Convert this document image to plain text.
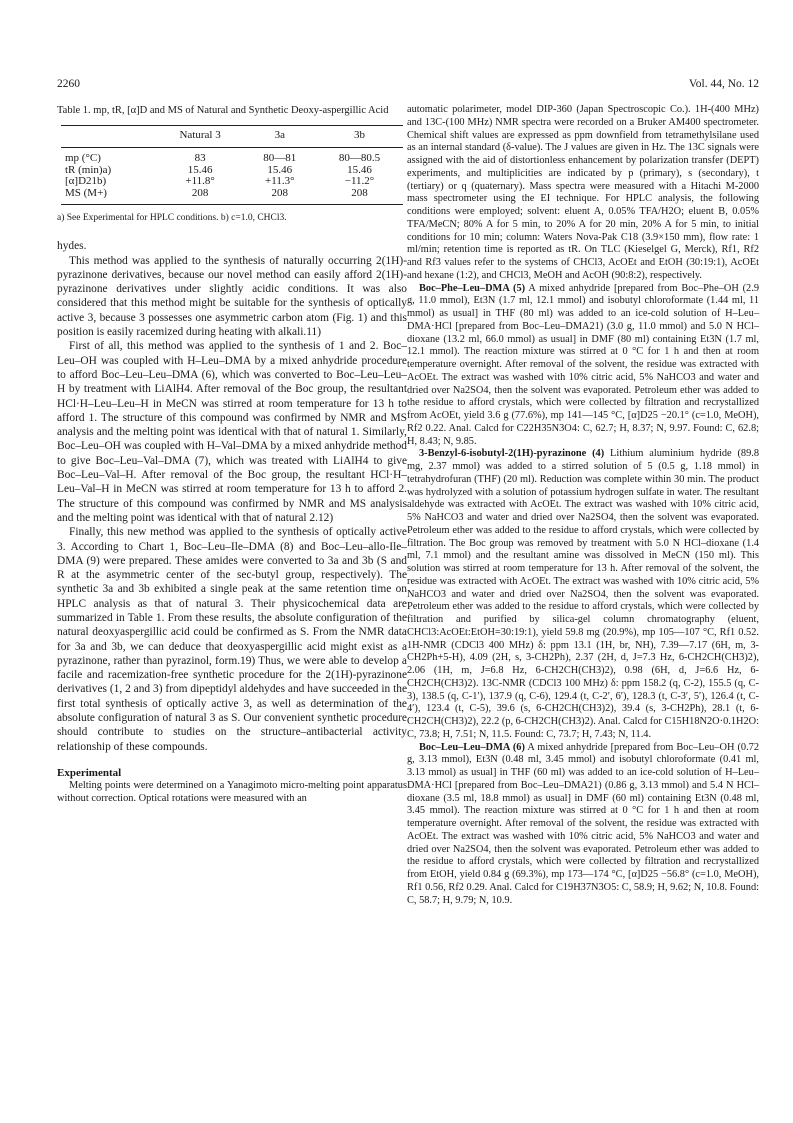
2260	Vol. 44, No. 12
Table 1. mp, tR, [α]D and MS of Natural and Synthetic Deoxy-aspergillic Acid
	Natural 3	3a	3b
mp (°C)	83	80—81	80—80.5
tR (min)a)	15.46	15.46	15.46
[α]D21b)	+11.8°	+11.3°	−11.2°
MS (M+)	208	208	208
a) See Experimental for HPLC conditions. b) c=1.0, CHCl3.

hydes.

This method was applied to the synthesis of naturally occurring 2(1H)-pyrazinone derivatives, because our novel method can easily afford 2(1H)-pyrazinone derivatives under slightly acidic conditions. It was also considered that this method might be suitable for the synthesis of optically active 3, because 3 possesses one asymmetric carbon atom (Fig. 1) and this position is easily racemized during heating with alkali.11)

First of all, this method was applied to the synthesis of 1 and 2. Boc–Leu–OH was coupled with H–Leu–DMA by a mixed anhydride procedure to afford Boc–Leu–Leu–DMA (6), which was converted to Boc–Leu–Leu–H by treatment with LiAlH4. After removal of the Boc group, the resultant HCl·H–Leu–Leu–H in MeCN was stirred at room temperature for 13 h to afford 1. The structure of this compound was confirmed by NMR and MS analysis and the melting point was identical with that of natural 1. Similarly, Boc–Leu–OH was coupled with H–Val–DMA by a mixed anhydride method to give Boc–Leu–Val–DMA (7), which was treated with LiAlH4 to give Boc–Leu–Val–H. After removal of the Boc group, the resultant HCl·H–Leu–Val–H in MeCN was stirred at room temperature for 13 h to afford 2. The structure of this compound was confirmed by NMR and MS analysis and the melting point was identical with that of natural 2.12)

Finally, this new method was applied to the synthesis of optically active 3. According to Chart 1, Boc–Leu–Ile–DMA (8) and Boc–Leu–allo-Ile–DMA (9) were prepared. These amides were converted to 3a and 3b (S and R at the asymmetric center of the sec-butyl group, respectively). The synthetic 3a and 3b exhibited a single peak at the same retention time on HPLC analysis as that of natural 3. Their physicochemical data are summarized in Table 1. From these results, the absolute configuration of the natural deoxyaspergillic acid could be confirmed as S. From the NMR data for 3a and 3b, we can deduce that deoxyaspergillic acid might exist as a pyrazinone, rather than pyrazinol, form.19) Thus, we were able to develop a facile and racemization-free synthetic procedure for the 2(1H)-pyrazinone derivatives (1, 2 and 3) from dipeptidyl aldehydes and have succeeded in the first total synthesis of optically active 3, as well as determination of the absolute configuration of natural 3 as S. Our convenient synthetic procedure should contribute to studies on the structure–antibacterial activity relationship of these compounds.

Experimental

Melting points were determined on a Yanagimoto micro-melting point apparatus without correction. Optical rotations were measured with an

automatic polarimeter, model DIP-360 (Japan Spectroscopic Co.). 1H-(400 MHz) and 13C-(100 MHz) NMR spectra were recorded on a Bruker AM400 spectrometer. Chemical shift values are expressed as ppm downfield from tetramethylsilane used as an internal standard (δ-value). The J values are given in Hz. The 13C signals were assigned with the aid of distortionless enhancement by polarization transfer (DEPT) experiments, and multiplicities are indicated by p (primary), s (secondary), t (tertiary) or q (quaternary). Mass spectra were measured with a Hitachi M-2000 mass spectrometer using the EI technique. For HPLC analysis, the following conditions were employed; solvent: eluent A, 0.05% TFA/H2O; eluent B, 0.05% TFA/MeCN; 80% A for 5 min, to 20% A for 20 min, 20% A for 5 min, to initial conditions for 10 min; column: Waters Nova-Pak C18 (3.9×150 mm), flow rate: 1 ml/min; retention time is reported as tR. On TLC (Kieselgel G, Merck), Rf1, Rf2 and Rf3 values refer to the systems of CHCl3, AcOEt and EtOH (30:19:1), AcOEt and hexane (1:2), and CHCl3, MeOH and AcOH (90:8:2), respectively.

Boc–Phe–Leu–DMA (5) A mixed anhydride [prepared from Boc–Phe–OH (2.9 g, 11.0 mmol), Et3N (1.7 ml, 12.1 mmol) and isobutyl chloroformate (1.44 ml, 11 mmol) as usual] in THF (80 ml) was added to an ice-cold solution of H–Leu–DMA·HCl [prepared from Boc–Leu–DMA21) (3.0 g, 11.0 mmol) and 5.0 N HCl–dioxane (13.2 ml, 66.0 mmol) as usual] in DMF (80 ml) containing Et3N (1.7 ml, 12.1 mmol). The reaction mixture was stirred at 0 °C for 1 h and then at room temperature overnight. After removal of the solvent, the residue was extracted with AcOEt. The extract was washed with 10% citric acid, 5% NaHCO3 and water and dried over Na2SO4, then the solvent was evaporated. Petroleum ether was added to the residue to afford crystals, which were collected by filtration and recrystallized from AcOEt, yield 3.6 g (77.6%), mp 141—145 °C, [α]D25 −20.1° (c=1.0, MeOH), Rf2 0.22. Anal. Calcd for C22H35N3O4: C, 62.7; H, 8.37; N, 9.97. Found: C, 62.8; H, 8.43; N, 9.85.

3-Benzyl-6-isobutyl-2(1H)-pyrazinone (4) Lithium aluminium hydride (89.8 mg, 2.37 mmol) was added to a stirred solution of 5 (0.5 g, 1.18 mmol) in tetrahydrofuran (THF) (20 ml). Reduction was complete within 30 min. The product was hydrolyzed with a solution of potassium hydrogen sulfate in water. The resultant aldehyde was extracted with AcOEt. The extract was washed with 10% citric acid, 5% NaHCO3 and water and dried over Na2SO4, then the solvent was evaporated. Petroleum ether was added to the residue to afford crystals, which were collected by filtration. The Boc group was removed by treatment with 5.0 N HCl–dioxane (1.4 ml, 7.1 mmol) and the resultant amine was dissolved in MeCN (150 ml). This solution was stirred at room temperature for 13 h. After removal of the solvent, the residue was extracted with AcOEt. The extract was washed with 10% citric acid, 5% NaHCO3 and water and dried over Na2SO4, then the solvent was evaporated. Petroleum ether was added to the residue to afford crystals, which were collected by filtration and purified by silica-gel column chromatography (eluent, CHCl3:AcOEt:EtOH=30:19:1), yield 59.8 mg (20.9%), mp 105—107 °C, Rf1 0.52. 1H-NMR (CDCl3 400 MHz) δ: ppm 13.1 (1H, br, NH), 7.39—7.17 (6H, m, 3-CH2Ph+5-H), 4.09 (2H, s, 3-CH2Ph), 2.37 (2H, d, J=7.3 Hz, 6-CH2CH(CH3)2), 2.06 (1H, m, J=6.8 Hz, 6-CH2CH(CH3)2), 0.98 (6H, d, J=6.6 Hz, 6-CH2CH(CH3)2). 13C-NMR (CDCl3 100 MHz) δ: ppm 158.2 (q, C-2), 155.5 (q, C-3), 138.5 (q, C-1′), 137.9 (q, C-6), 129.4 (t, C-2′, 6′), 128.3 (t, C-3′, 5′), 126.4 (t, C-4′), 123.4 (t, C-5), 39.6 (s, 6-CH2CH(CH3)2), 39.4 (s, 3-CH2Ph), 28.1 (t, 6-CH2CH(CH3)2), 22.2 (p, 6-CH2CH(CH3)2). Anal. Calcd for C15H18N2O·0.1H2O: C, 73.8; H, 7.51; N, 11.5. Found: C, 73.7; H, 7.43; N, 11.4.

Boc–Leu–Leu–DMA (6) A mixed anhydride [prepared from Boc–Leu–OH (0.72 g, 3.13 mmol), Et3N (0.48 ml, 3.45 mmol) and isobutyl chloroformate (0.41 ml, 3.13 mmol) as usual] in THF (60 ml) was added to an ice-cold solution of H–Leu–DMA·HCl [prepared from Boc–Leu–DMA21) (0.86 g, 3.13 mmol) and 5.4 N HCl–dioxane (3.5 ml, 18.8 mmol) as usual] in DMF (60 ml) containing Et3N (0.48 ml, 3.45 mmol). The reaction mixture was stirred at 0 °C for 1 h and then at room temperature overnight. After removal of the solvent, the residue was extracted with AcOEt. The extract was washed with 10% citric acid, 5% NaHCO3 and water and dried over Na2SO4, then the solvent was evaporated. Petroleum ether was added to the residue to afford crystals, which were collected by filtration and recrystallized from EtOH, yield 0.84 g (69.3%), mp 173—174 °C, [α]D25 −56.8° (c=1.0, MeOH), Rf1 0.56, Rf2 0.29. Anal. Calcd for C19H37N3O5: C, 58.9; H, 9.62; N, 10.8. Found: C, 58.7; H, 9.79; N, 10.9.
